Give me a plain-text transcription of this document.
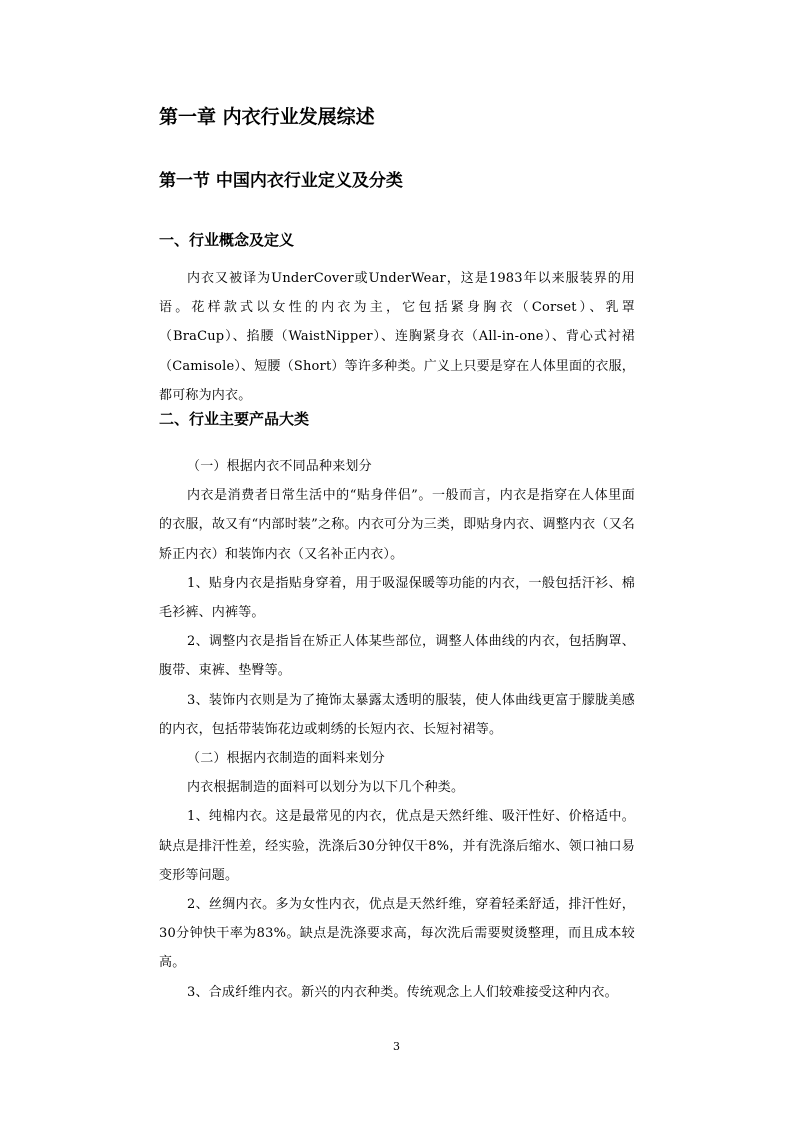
第一章 内衣行业发展综述
第一节 中国内衣行业定义及分类
一、行业概念及定义

内衣又被译为UnderCover或UnderWear，这是1983年以来服装界的用语。花样款式以女性的内衣为主，它包括紧身胸衣（Corset）、乳罩（BraCup）、掐腰（WaistNipper）、连胸紧身衣（All-in-one）、背心式衬裙（Camisole）、短腰（Short）等许多种类。广义上只要是穿在人体里面的衣服，都可称为内衣。

二、行业主要产品大类

（一）根据内衣不同品种来划分

内衣是消费者日常生活中的“贴身伴侣”。一般而言，内衣是指穿在人体里面的衣服，故又有“内部时装”之称。内衣可分为三类，即贴身内衣、调整内衣（又名矫正内衣）和装饰内衣（又名补正内衣）。

1、贴身内衣是指贴身穿着，用于吸湿保暖等功能的内衣，一般包括汗衫、棉毛衫裤、内裤等。

2、调整内衣是指旨在矫正人体某些部位，调整人体曲线的内衣，包括胸罩、腹带、束裤、垫臀等。

3、装饰内衣则是为了掩饰太暴露太透明的服装，使人体曲线更富于朦胧美感的内衣，包括带装饰花边或刺绣的长短内衣、长短衬裙等。

（二）根据内衣制造的面料来划分

内衣根据制造的面料可以划分为以下几个种类。

1、纯棉内衣。这是最常见的内衣，优点是天然纤维、吸汗性好、价格适中。缺点是排汗性差，经实验，洗涤后30分钟仅干8%，并有洗涤后缩水、领口袖口易变形等问题。

2、丝绸内衣。多为女性内衣，优点是天然纤维，穿着轻柔舒适，排汗性好，30分钟快干率为83%。缺点是洗涤要求高，每次洗后需要熨烫整理，而且成本较高。

3、合成纤维内衣。新兴的内衣种类。传统观念上人们较难接受这种内衣。

3
